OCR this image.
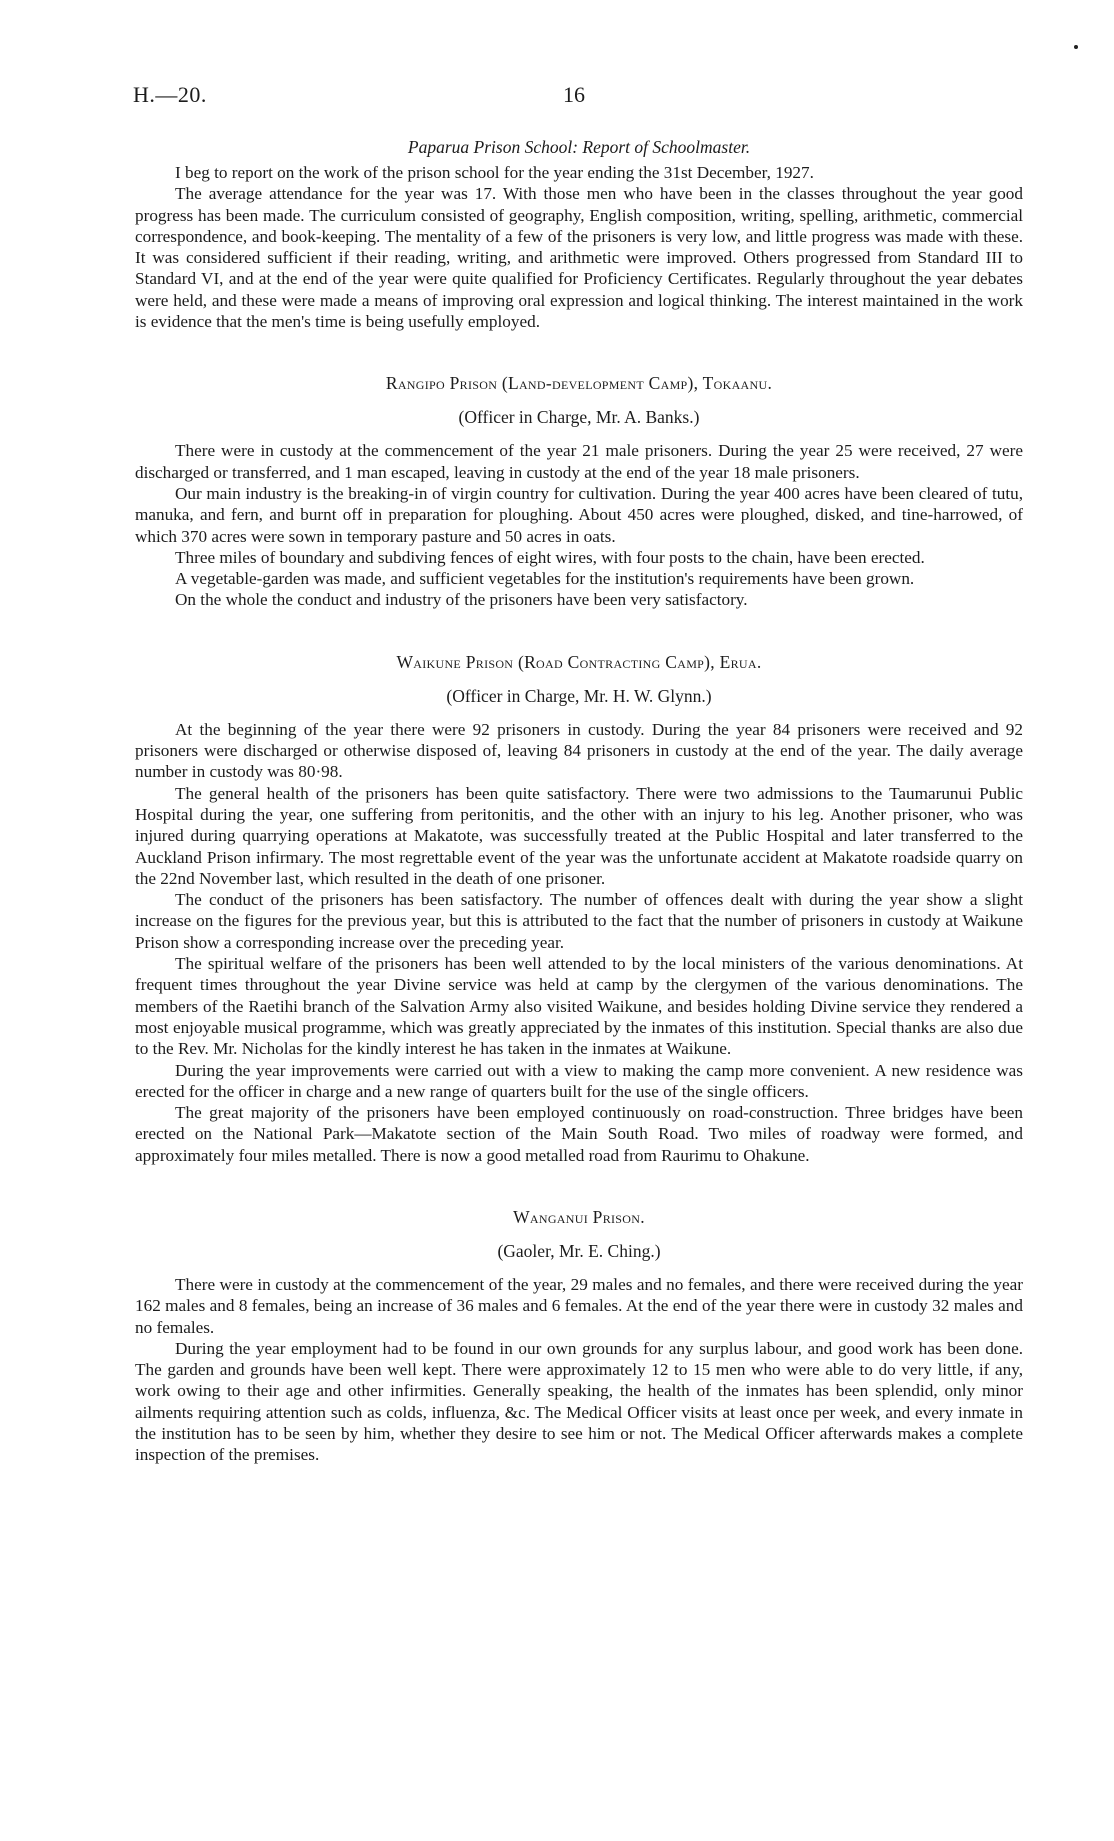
H.—20.	16
Paparua Prison School: Report of Schoolmaster.

I beg to report on the work of the prison school for the year ending the 31st December, 1927.

The average attendance for the year was 17. With those men who have been in the classes throughout the year good progress has been made. The curriculum consisted of geography, English composition, writing, spelling, arithmetic, commercial correspondence, and book-keeping. The mentality of a few of the prisoners is very low, and little progress was made with these. It was considered sufficient if their reading, writing, and arithmetic were improved. Others progressed from Standard III to Standard VI, and at the end of the year were quite qualified for Proficiency Certificates. Regularly throughout the year debates were held, and these were made a means of improving oral expression and logical thinking. The interest maintained in the work is evidence that the men's time is being usefully employed.

Rangipo Prison (Land-development Camp), Tokaanu.
(Officer in Charge, Mr. A. Banks.)

There were in custody at the commencement of the year 21 male prisoners. During the year 25 were received, 27 were discharged or transferred, and 1 man escaped, leaving in custody at the end of the year 18 male prisoners.

Our main industry is the breaking-in of virgin country for cultivation. During the year 400 acres have been cleared of tutu, manuka, and fern, and burnt off in preparation for ploughing. About 450 acres were ploughed, disked, and tine-harrowed, of which 370 acres were sown in temporary pasture and 50 acres in oats.

Three miles of boundary and subdiving fences of eight wires, with four posts to the chain, have been erected.

A vegetable-garden was made, and sufficient vegetables for the institution's requirements have been grown.

On the whole the conduct and industry of the prisoners have been very satisfactory.

Waikune Prison (Road Contracting Camp), Erua.
(Officer in Charge, Mr. H. W. Glynn.)

At the beginning of the year there were 92 prisoners in custody. During the year 84 prisoners were received and 92 prisoners were discharged or otherwise disposed of, leaving 84 prisoners in custody at the end of the year. The daily average number in custody was 80·98.

The general health of the prisoners has been quite satisfactory. There were two admissions to the Taumarunui Public Hospital during the year, one suffering from peritonitis, and the other with an injury to his leg. Another prisoner, who was injured during quarrying operations at Makatote, was successfully treated at the Public Hospital and later transferred to the Auckland Prison infirmary. The most regrettable event of the year was the unfortunate accident at Makatote roadside quarry on the 22nd November last, which resulted in the death of one prisoner.

The conduct of the prisoners has been satisfactory. The number of offences dealt with during the year show a slight increase on the figures for the previous year, but this is attributed to the fact that the number of prisoners in custody at Waikune Prison show a corresponding increase over the preceding year.

The spiritual welfare of the prisoners has been well attended to by the local ministers of the various denominations. At frequent times throughout the year Divine service was held at camp by the clergymen of the various denominations. The members of the Raetihi branch of the Salvation Army also visited Waikune, and besides holding Divine service they rendered a most enjoyable musical programme, which was greatly appreciated by the inmates of this institution. Special thanks are also due to the Rev. Mr. Nicholas for the kindly interest he has taken in the inmates at Waikune.

During the year improvements were carried out with a view to making the camp more convenient. A new residence was erected for the officer in charge and a new range of quarters built for the use of the single officers.

The great majority of the prisoners have been employed continuously on road-construction. Three bridges have been erected on the National Park—Makatote section of the Main South Road. Two miles of roadway were formed, and approximately four miles metalled. There is now a good metalled road from Raurimu to Ohakune.

Wanganui Prison.
(Gaoler, Mr. E. Ching.)

There were in custody at the commencement of the year, 29 males and no females, and there were received during the year 162 males and 8 females, being an increase of 36 males and 6 females. At the end of the year there were in custody 32 males and no females.

During the year employment had to be found in our own grounds for any surplus labour, and good work has been done. The garden and grounds have been well kept. There were approximately 12 to 15 men who were able to do very little, if any, work owing to their age and other infirmities. Generally speaking, the health of the inmates has been splendid, only minor ailments requiring attention such as colds, influenza, &c. The Medical Officer visits at least once per week, and every inmate in the institution has to be seen by him, whether they desire to see him or not. The Medical Officer afterwards makes a complete inspection of the premises.
